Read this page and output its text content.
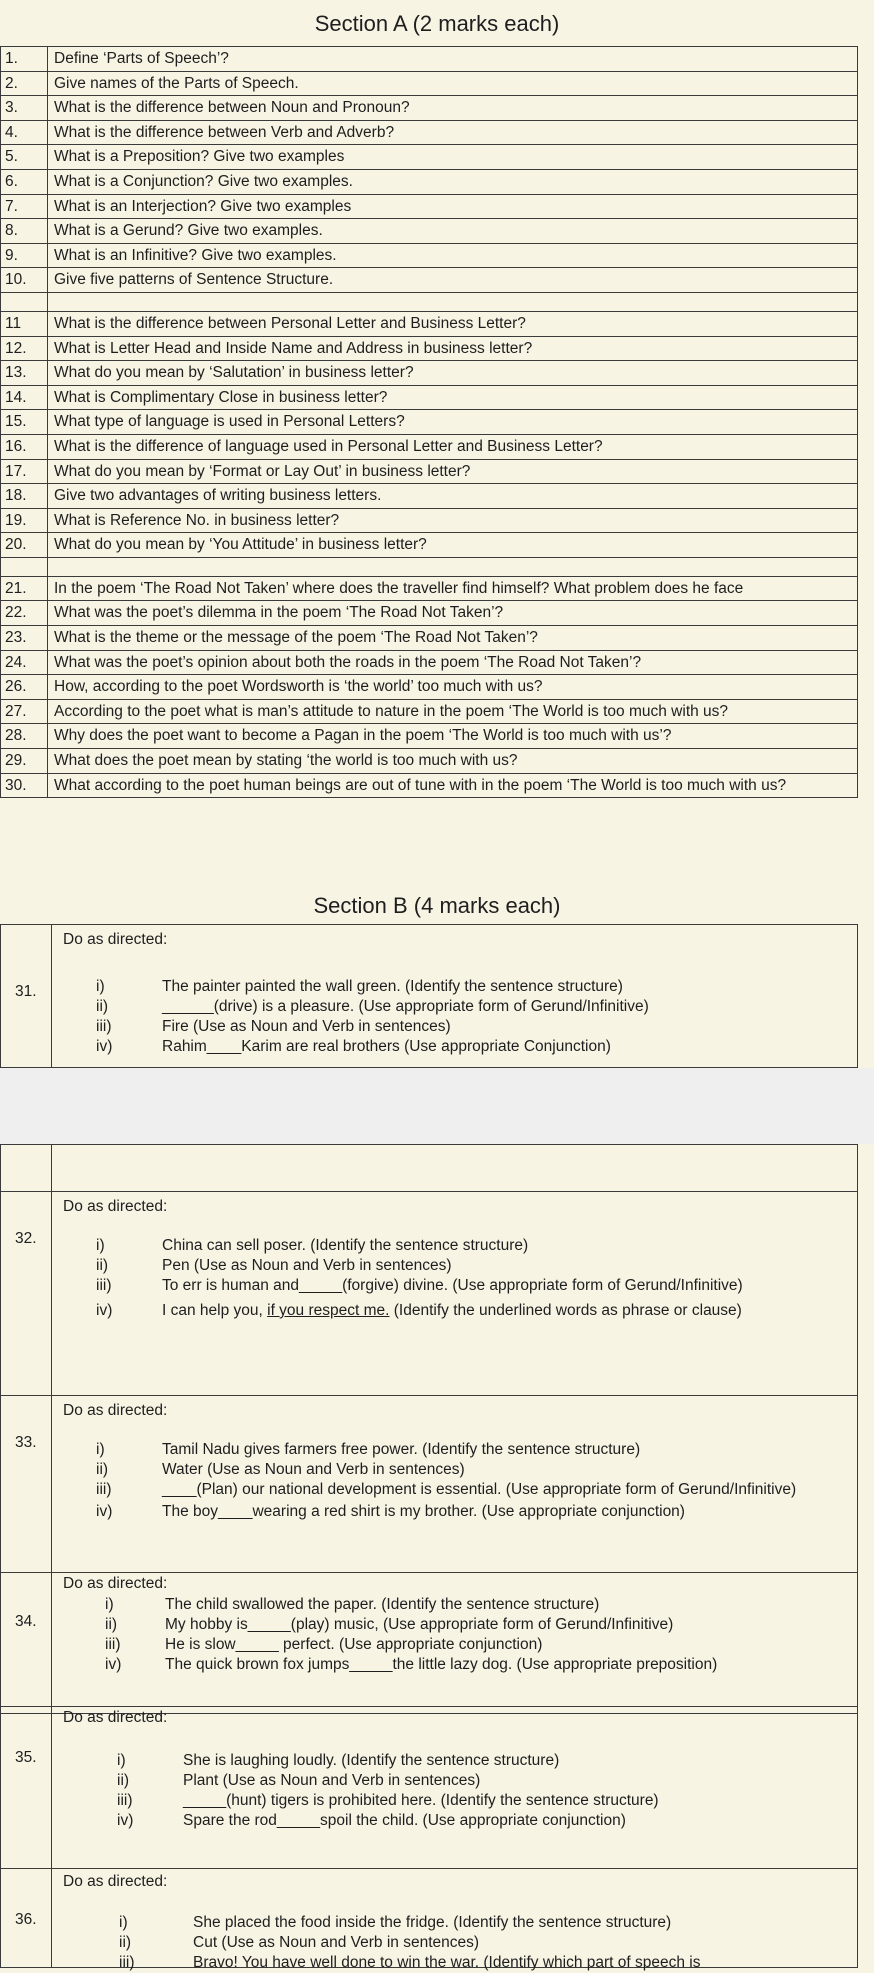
Section A (2 marks each)
1.	Define ‘Parts of Speech’?
2.	Give names of the Parts of Speech.
3.	What is the difference between Noun and Pronoun?
4.	What is the difference between Verb and Adverb?
5.	What is a Preposition? Give two examples
6.	What is a Conjunction? Give two examples.
7.	What is an Interjection? Give two examples
8.	What is a Gerund? Give two examples.
9.	What is an Infinitive? Give two examples.
10.	Give five patterns of Sentence Structure.

11	What is the difference between Personal Letter and Business Letter?
12.	What is Letter Head and Inside Name and Address in business letter?
13.	What do you mean by ‘Salutation’ in business letter?
14.	What is Complimentary Close in business letter?
15.	What type of language is used in Personal Letters?
16.	What is the difference of language used in Personal Letter and Business Letter?
17.	What do you mean by ‘Format or Lay Out’ in business letter?
18.	Give two advantages of writing business letters.
19.	What is Reference No. in business letter?
20.	What do you mean by ‘You Attitude’ in business letter?

21.	In the poem ‘The Road Not Taken’ where does the traveller find himself? What problem does he face
22.	What was the poet’s dilemma in the poem ‘The Road Not Taken’?
23.	What is the theme or the message of the poem ‘The Road Not Taken’?
24.	What was the poet’s opinion about both the roads in the poem ‘The Road Not Taken’?
26.	How, according to the poet Wordsworth is ‘the world’ too much with us?
27.	According to the poet what is man’s attitude to nature in the poem ‘The World is too much with us?
28.	Why does the poet want to become a Pagan in the poem ‘The World is too much with us’?
29.	What does the poet mean by stating ‘the world is too much with us?
30.	What according to the poet human beings are out of tune with in the poem ‘The World is too much with us?
Section B (4 marks each)
31.
Do as directed:
i)	The painter painted the wall green. (Identify the sentence structure)
ii)	______(drive) is a pleasure. (Use appropriate form of Gerund/Infinitive)
iii)	Fire (Use as Noun and Verb in sentences)
iv)	Rahim____Karim are real brothers (Use appropriate Conjunction)
32.
Do as directed:
i)	China can sell poser. (Identify the sentence structure)
ii)	Pen (Use as Noun and Verb in sentences)
iii)	To err is human and_____(forgive) divine. (Use appropriate form of Gerund/Infinitive)
iv)	I can help you, if you respect me. (Identify the underlined words as phrase or clause)
33.
Do as directed:
i)	Tamil Nadu gives farmers free power. (Identify the sentence structure)
ii)	Water (Use as Noun and Verb in sentences)
iii)	____(Plan) our national development is essential. (Use appropriate form of Gerund/Infinitive)
iv)	The boy____wearing a red shirt is my brother. (Use appropriate conjunction)
34.
Do as directed:
i)	The child swallowed the paper. (Identify the sentence structure)
ii)	My hobby is_____(play) music, (Use appropriate form of Gerund/Infinitive)
iii)	He is slow_____ perfect. (Use appropriate conjunction)
iv)	The quick brown fox jumps_____the little lazy dog. (Use appropriate preposition)
35.
Do as directed:
i)	She is laughing loudly. (Identify the sentence structure)
ii)	Plant (Use as Noun and Verb in sentences)
iii)	_____(hunt) tigers is prohibited here. (Identify the sentence structure)
iv)	Spare the rod_____spoil the child. (Use appropriate conjunction)
36.
Do as directed:
i)	She placed the food inside the fridge. (Identify the sentence structure)
ii)	Cut (Use as Noun and Verb in sentences)
iii)	Bravo! You have well done to win the war. (Identify which part of speech is
